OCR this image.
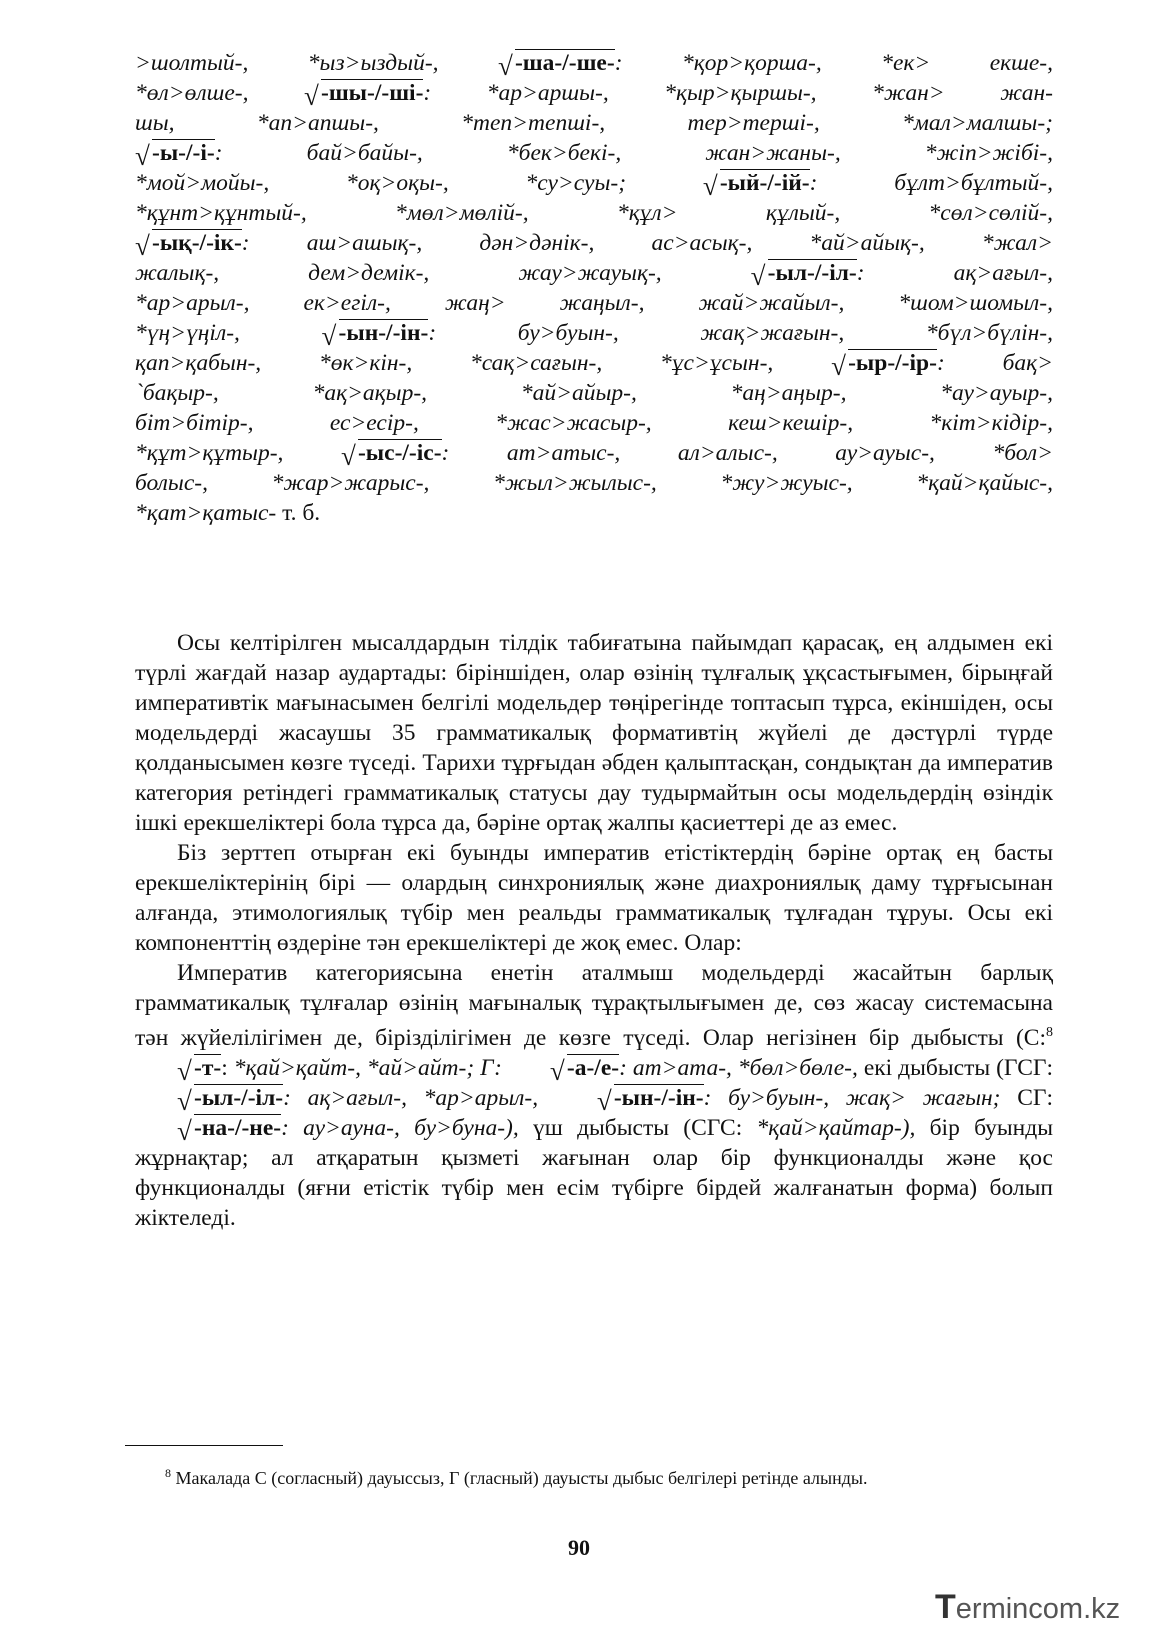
>шолтый-, *ыз>ыздый-, √ -ша-/-ше-: *қор>қорша-, *ек> екше-,
*өл>өлше-, √ -шы-/-ші-: *ар>аршы-, *қыр>қыршы-, *жан> жан-
шы, *ап>апшы-, *теп>тепші-, тер>терші-, *мал>малшы-;
√ -ы-/-і-: бай>байы-, *бек>бекі-, жан>жаны-, *жіп>жібі-,
*мой>мойы-, *оқ>оқы-, *су>суы-; √ -ый-/-ій-: бұлт>бұлтый-,
*құнт>құнтый-, *мөл>мөлій-, *құл> құлый-, *сөл>сөлій-,
√ -ық-/-ік-: аш>ашық-, дән>дәнік-, ас>асық-, *ай>айық-, *жал>
жалық-, дем>демік-, жау>жауық-, √ -ыл-/-іл-: ақ>ағыл-,
*ар>арыл-, ек>егіл-, жаң> жаңыл-, жай>жайыл-, *шом>шомыл-,
*үң>үңіл-, √ -ын-/-ін-: бу>буын-, жақ>жағын-, *бүл>бүлін-,
қап>қабын-, *өк>кін-, *сақ>сағын-, *ұс>ұсын-, √ -ыр-/-ір-: бақ>
`бақыр-, *ақ>ақыр-, *ай>айыр-, *аң>аңыр-, *ау>ауыр-,
біт>бітір-, ес>есір-, *жас>жасыр-, кеш>кешір-, *кіт>кідір-,
*құт>құтыр-, √ -ыс-/-іс-: ат>атыс-, ал>алыс-, ау>ауыс-, *бол>
болыс-, *жар>жарыс-, *жыл>жылыс-, *жу>жуыс-, *қай>қайыс-,
*қат>қатыс- т. б.

Осы келтірілген мысалдардын тілдік табиғатына пайымдап қарасақ, ең алдымен екі түрлі жағдай назар аудартады: біріншіден, олар өзінің тұлғалық ұқсастығымен, бірыңғай императивтік мағынасымен белгілі модельдер төңірегінде топтасып тұрса, екіншіден, осы модельдерді жасаушы 35 грамматикалық формативтің жүйелі де дәстүрлі түрде қолданысымен көзге түседі. Тарихи тұрғыдан әбден қалыптасқан, сондықтан да императив категория ретіндегі грамматикалық статусы дау тудырмайтын осы модельдердің өзіндік ішкі ерекшеліктері бола тұрса да, бәріне ортақ жалпы қасиеттері де аз емес.

Біз зерттеп отырған екі буынды императив етістіктердің бәріне ортақ ең басты ерекшеліктерінің бірі — олардың синхрониялық және диахрониялық даму тұрғысынан алғанда, этимологиялық түбір мен реальды грамматикалық тұлғадан тұруы. Осы екі компоненттің өздеріне тән ерекшеліктері де жоқ емес. Олар:

Императив категориясына енетін аталмыш модельдерді жасайтын барлық грамматикалық тұлғалар өзінің мағыналық тұрақтылығымен де, сөз жасау системасына тән жүйелілігімен де, бірізділігімен де көзге түседі. Олар негізінен бір дыбысты (С:$^8$
√ -т-: *қай>қайт-, *ай>айт-; Г:	√ -а-/е-: ат>ата-, *бөл>бөле-, екі дыбысты (ГСГ:
√ -ыл-/-іл-: ақ>ағыл-, *ар>арыл-,	√ -ын-/-ін-: бу>буын-, жақ> жағын; СГ:
√ -на-/-не-: ау>ауна-, бу>буна-), үш дыбысты (СГС: *қай>қайтар-), бір буынды жұрнақтар; ал атқаратын қызметі жағынан олар бір функционалды және қос функционалды (яғни етістік түбір мен есім түбірге бірдей жалғанатын форма) болып жіктеледі.

$^8$ Макалада С (согласный) дауыссыз, Г (гласный) дауысты дыбыс белгілері ретінде алынды.
90
Termincom.kz
